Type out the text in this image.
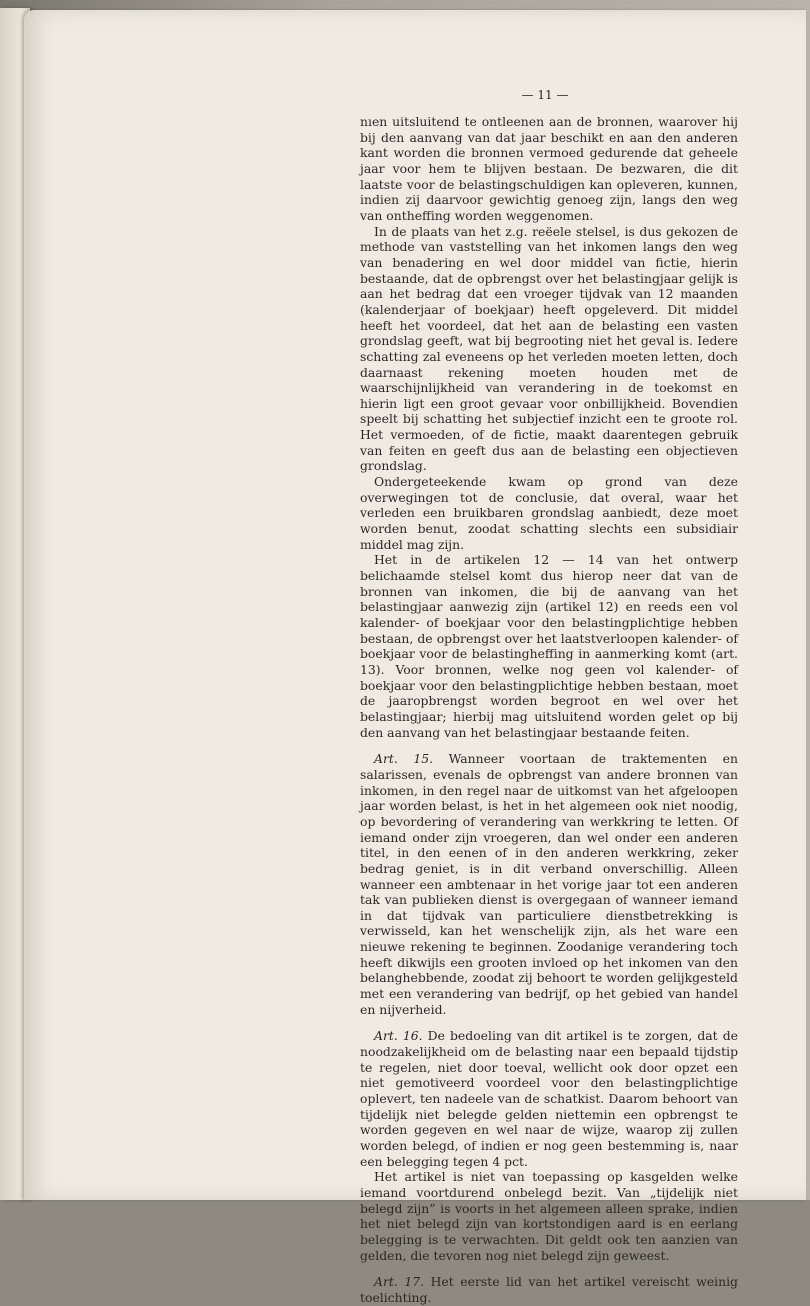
— 11 —

nıen uitsluitend te ontleenen aan de bronnen, waarover hij bij den aanvang van dat jaar beschikt en aan den anderen kant worden die bronnen vermoed gedurende dat geheele jaar voor hem te blijven bestaan. De bezwaren, die dit laatste voor de belastingschuldigen kan opleveren, kunnen, indien zij daarvoor gewichtig genoeg zijn, langs den weg van ontheffing worden weggenomen.

In de plaats van het z.g. reëele stelsel, is dus gekozen de methode van vaststelling van het inkomen langs den weg van benadering en wel door middel van fictie, hierin bestaande, dat de opbrengst over het belastingjaar gelijk is aan het bedrag dat een vroeger tijdvak van 12 maanden (kalenderjaar of boekjaar) heeft opgeleverd. Dit middel heeft het voordeel, dat het aan de belasting een vasten grondslag geeft, wat bij begrooting niet het geval is. Iedere schatting zal eveneens op het verleden moeten letten, doch daarnaast rekening moeten houden met de waarschijnlijkheid van verandering in de toekomst en hierin ligt een groot gevaar voor onbillijkheid. Bovendien speelt bij schatting het subjectief inzicht een te groote rol. Het vermoeden, of de fictie, maakt daarentegen gebruik van feiten en geeft dus aan de belasting een objectieven grondslag.

Ondergeteekende kwam op grond van deze overwegingen tot de conclusie, dat overal, waar het verleden een bruikbaren grondslag aanbiedt, deze moet worden benut, zoodat schatting slechts een subsidiair middel mag zijn.

Het in de artikelen 12 — 14 van het ontwerp belichaamde stelsel komt dus hierop neer dat van de bronnen van inkomen, die bij de aanvang van het belastingjaar aanwezig zijn (artikel 12) en reeds een vol kalender- of boekjaar voor den belastingplichtige hebben bestaan, de opbrengst over het laatstverloopen kalender- of boekjaar voor de belastingheffing in aanmerking komt (art. 13). Voor bronnen, welke nog geen vol kalender- of boekjaar voor den belastingplichtige hebben bestaan, moet de jaaropbrengst worden begroot en wel over het belastingjaar; hierbij mag uitsluitend worden gelet op bij den aanvang van het belastingjaar bestaande feiten.

Art. 15. Wanneer voortaan de traktementen en salarissen, evenals de opbrengst van andere bronnen van inkomen, in den regel naar de uitkomst van het afgeloopen jaar worden belast, is het in het algemeen ook niet noodig, op bevordering of verandering van werkkring te letten. Of iemand onder zijn vroegeren, dan wel onder een anderen titel, in den eenen of in den anderen werkkring, zeker bedrag geniet, is in dit verband onverschillig. Alleen wanneer een ambtenaar in het vorige jaar tot een anderen tak van publieken dienst is overgegaan of wanneer iemand in dat tijdvak van particuliere dienstbetrekking is verwisseld, kan het wenschelijk zijn, als het ware een nieuwe rekening te beginnen. Zoodanige verandering toch heeft dikwijls een grooten invloed op het inkomen van den belanghebbende, zoodat zij behoort te worden gelijkgesteld met een verandering van bedrijf, op het gebied van handel en nijverheid.

Art. 16. De bedoeling van dit artikel is te zorgen, dat de noodzakelijkheid om de belasting naar een bepaald tijdstip te regelen, niet door toeval, wellicht ook door opzet een niet gemotiveerd voordeel voor den belastingplichtige oplevert, ten nadeele van de schatkist. Daarom behoort van tijdelijk niet belegde gelden niettemin een opbrengst te worden gegeven en wel naar de wijze, waarop zij zullen worden belegd, of indien er nog geen bestemming is, naar een belegging tegen 4 pct.

Het artikel is niet van toepassing op kasgelden welke iemand voortdurend onbelegd bezit. Van „tijdelijk niet belegd zijn” is voorts in het algemeen alleen sprake, indien het niet belegd zijn van kortstondigen aard is en eerlang belegging is te verwachten. Dit geldt ook ten aanzien van gelden, die tevoren nog niet belegd zijn geweest.

Art. 17. Het eerste lid van het artikel vereischt weinig toelichting.
